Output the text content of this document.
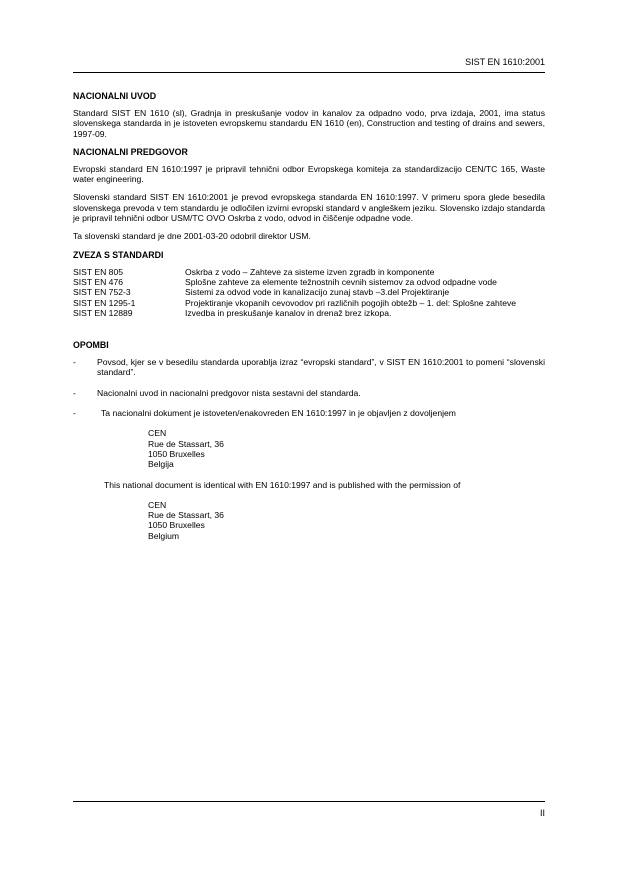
SIST EN 1610:2001
NACIONALNI UVOD

Standard SIST EN 1610 (sl), Gradnja in preskušanje vodov in kanalov za odpadno vodo, prva izdaja, 2001, ima status slovenskega standarda in je istoveten evropskemu standardu EN 1610 (en), Construction and testing of drains and sewers, 1997-09.

NACIONALNI PREDGOVOR

Evropski standard EN 1610:1997 je pripravil tehnični odbor Evropskega komiteja za standardizacijo CEN/TC 165, Waste water engineering.

Slovenski standard SIST EN 1610:2001 je prevod evropskega standarda EN 1610:1997. V primeru spora glede besedila slovenskega prevoda v tem standardu je odločilen izvirni evropski standard v angleškem jeziku. Slovensko izdajo standarda je pripravil tehnični odbor USM/TC OVO Oskrba z vodo, odvod in čiščenje odpadne vode.

Ta slovenski standard je dne 2001-03-20 odobril direktor USM.

ZVEZA S STANDARDI
SIST EN 805	Oskrba z vodo – Zahteve za sisteme izven zgradb in komponente
SIST EN 476	Splošne zahteve za elemente težnostnih cevnih sistemov za odvod odpadne vode
SIST EN 752-3	Sistemi za odvod vode in kanalizacijo zunaj stavb –3.del Projektiranje
SIST EN 1295-1	Projektiranje vkopanih cevovodov pri različnih pogojih obtežb – 1. del: Splošne zahteve
SIST EN 12889	Izvedba in preskušanje kanalov in drenaž brez izkopa.
OPOMBI
-	Povsod, kjer se v besedilu standarda uporablja izraz “evropski standard”, v SIST EN 1610:2001 to pomeni “slovenski standard”.
-	Nacionalni uvod in nacionalni predgovor nista sestavni del standarda.
-	Ta nacionalni dokument je istoveten/enakovreden EN 1610:1997 in je objavljen z dovoljenjem
CEN
Rue de Stassart, 36
1050 Bruxelles
Belgija
This national document is identical with EN 1610:1997 and is published with the permission of
CEN
Rue de Stassart, 36
1050 Bruxelles
Belgium
II
